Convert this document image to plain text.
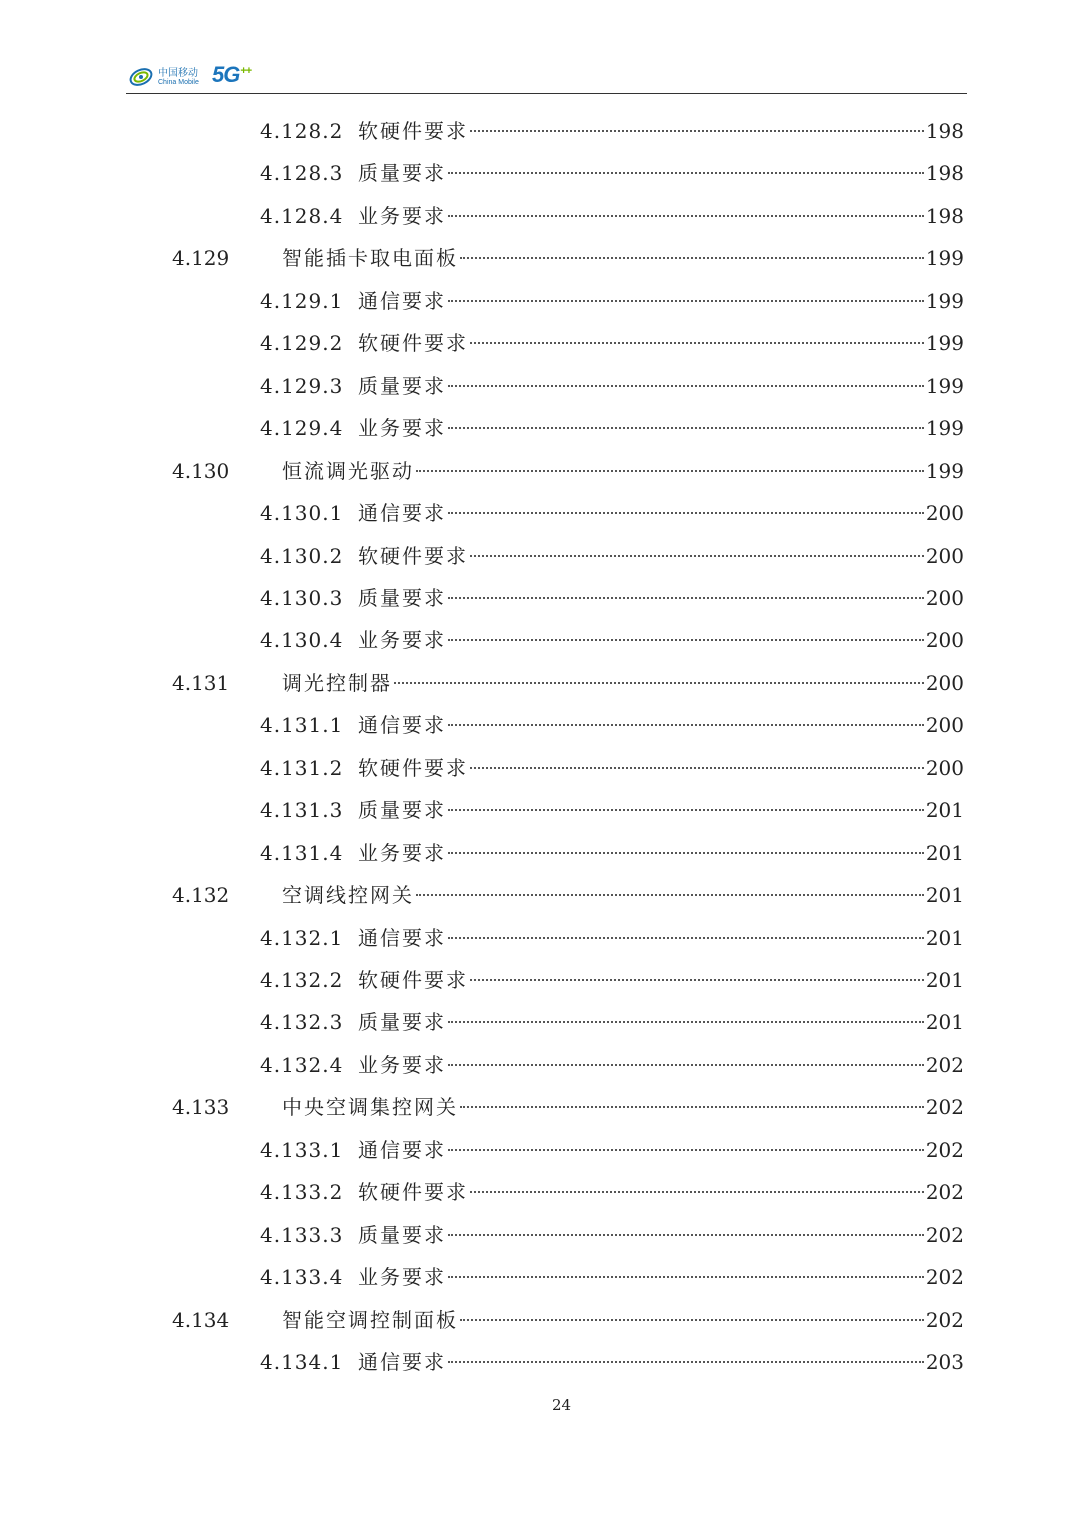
中国移动
China Mobile 5G++
4.128.2 软硬件要求	198
4.128.3 质量要求	198
4.128.4 业务要求	198
4.129	智能插卡取电面板	199
4.129.1 通信要求	199
4.129.2 软硬件要求	199
4.129.3 质量要求	199
4.129.4 业务要求	199
4.130	恒流调光驱动	199
4.130.1 通信要求	200
4.130.2 软硬件要求	200
4.130.3 质量要求	200
4.130.4 业务要求	200
4.131	调光控制器	200
4.131.1 通信要求	200
4.131.2 软硬件要求	200
4.131.3 质量要求	201
4.131.4 业务要求	201
4.132	空调线控网关	201
4.132.1 通信要求	201
4.132.2 软硬件要求	201
4.132.3 质量要求	201
4.132.4 业务要求	202
4.133	中央空调集控网关	202
4.133.1 通信要求	202
4.133.2 软硬件要求	202
4.133.3 质量要求	202
4.133.4 业务要求	202
4.134	智能空调控制面板	202
4.134.1 通信要求	203
24
